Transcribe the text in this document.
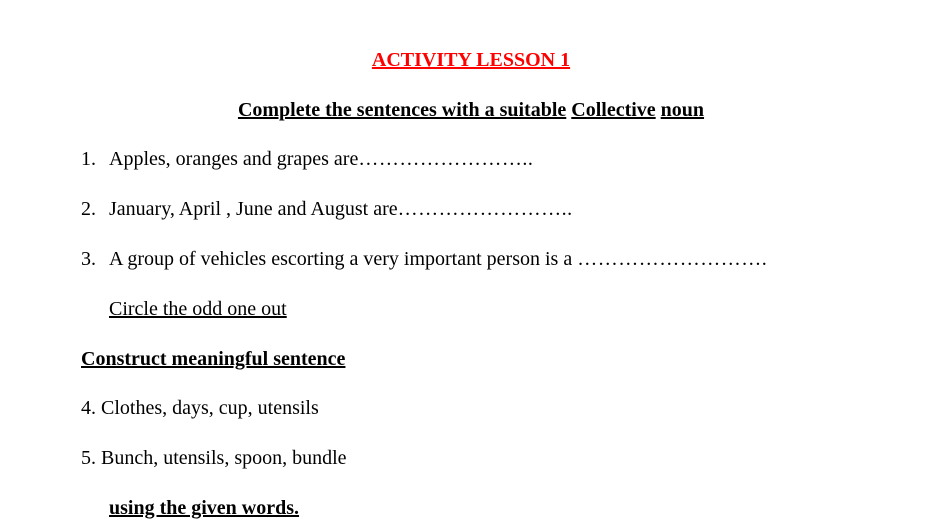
ACTIVITY LESSON 1
Complete the sentences with a suitable Collective noun
1. Apples, oranges and grapes are……………………..
2. January, April , June and August are……………………..
3. A group of vehicles escorting a very important person is a ……………………….
Circle the odd one out
Construct meaningful sentence
4. Clothes, days, cup, utensils
5. Bunch, utensils, spoon, bundle
using the given words.
